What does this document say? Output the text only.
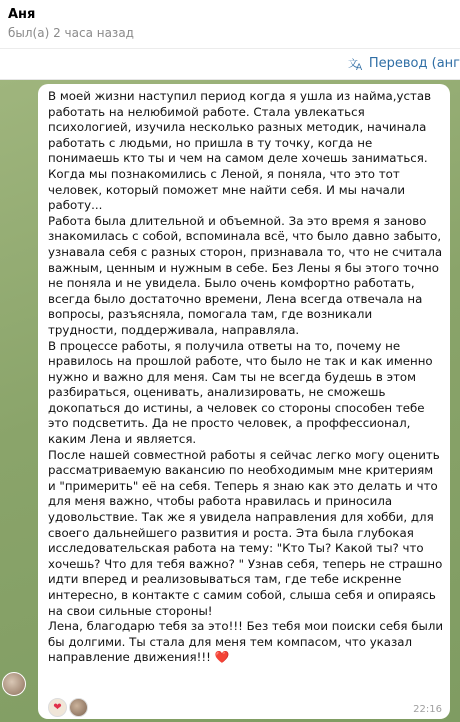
Аня
был(а) 2 часа назад
文
A Перевод (анг

В моей жизни наступил период когда я ушла из найма,устав работать на нелюбимой работе. Стала увлекаться психологией, изучила несколько разных методик, начинала работать с людьми, но пришла в ту точку, когда не понимаешь кто ты и чем на самом деле хочешь заниматься. Когда мы познакомились с Леной, я поняла, что это тот человек, который поможет мне найти себя. И мы начали работу...
Работа была длительной и объемной. За это время я заново знакомилась с собой, вспоминала всё, что было давно забыто, узнавала себя с разных сторон, признавала то, что не считала важным, ценным и нужным в себе. Без Лены я бы этого точно не поняла и не увидела. Было очень комфортно работать, всегда было достаточно времени, Лена всегда отвечала на вопросы, разъясняла, помогала там, где возникали трудности, поддерживала, направляла.
В процессе работы, я получила ответы на то, почему не нравилось на прошлой работе, что было не так и как именно нужно и важно для меня. Сам ты не всегда будешь в этом разбираться, оценивать, анализировать, не сможешь докопаться до истины, а человек со стороны способен тебе это подсветить. Да не просто человек, а проффессионал, каким Лена и является.
После нашей совместной работы я сейчас легко могу оценить рассматриваемую вакансию по необходимым мне критериям и "примерить" её на себя. Теперь я знаю как это делать и что для меня важно, чтобы работа нравилась и приносила удовольствие. Так же я увидела направления для хобби, для своего дальнейшего развития и роста. Эта была глубокая исследовательская работа на тему: "Кто Ты? Какой ты? что хочешь? Что для тебя важно? " Узнав себя, теперь не страшно идти вперед и реализовываться там, где тебе искренне интересно, в контакте с самим собой, слыша себя и опираясь на свои сильные стороны!
Лена, благодарю тебя за это!!! Без тебя мои поиски себя были бы долгими. Ты стала для меня тем компасом, что указал направление движения!!! ❤️

❤	22:16
